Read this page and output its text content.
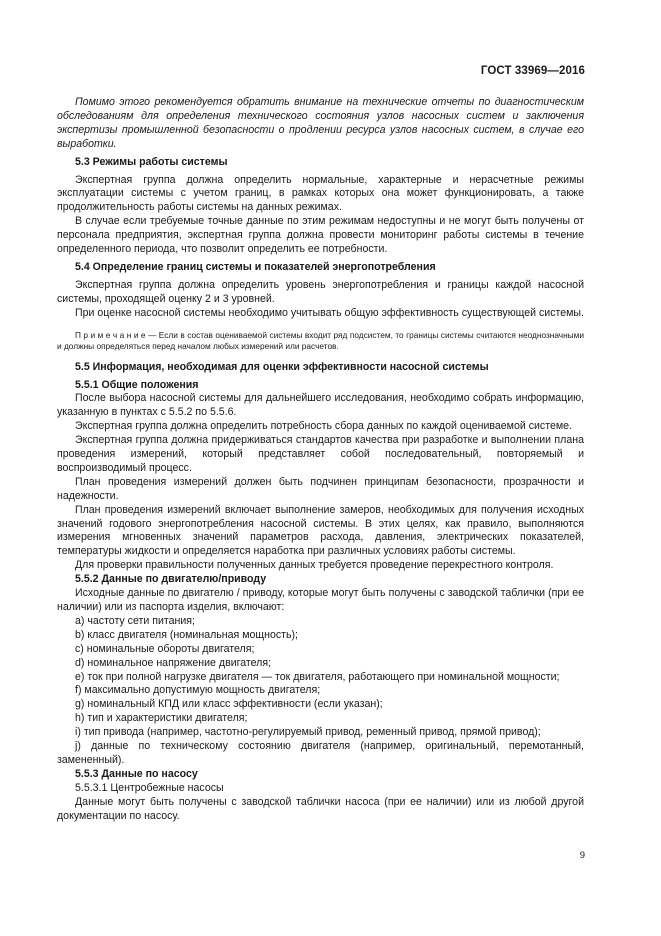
ГОСТ 33969—2016

Помимо этого рекомендуется обратить внимание на технические отчеты по диагностическим обследованиям для определения технического состояния узлов насосных систем и заключения экспертизы промышленной безопасности о продлении ресурса узлов насосных систем, в случае его выработки.

5.3 Режимы работы системы

Экспертная группа должна определить нормальные, характерные и нерасчетные режимы эксплуатации системы с учетом границ, в рамках которых она может функционировать, а также продолжительность работы системы на данных режимах.

В случае если требуемые точные данные по этим режимам недоступны и не могут быть получены от персонала предприятия, экспертная группа должна провести мониторинг работы системы в течение определенного периода, что позволит определить ее потребности.

5.4 Определение границ системы и показателей энергопотребления

Экспертная группа должна определить уровень энергопотребления и границы каждой насосной системы, проходящей оценку 2 и 3 уровней.

При оценке насосной системы необходимо учитывать общую эффективность существующей системы.

П р и м е ч а н и е — Если в состав оцениваемой системы входит ряд подсистем, то границы системы считаются неоднозначными и должны определяться перед началом любых измерений или расчетов.

5.5 Информация, необходимая для оценки эффективности насосной системы

5.5.1 Общие положения

После выбора насосной системы для дальнейшего исследования, необходимо собрать информацию, указанную в пунктах с 5.5.2 по 5.5.6.

Экспертная группа должна определить потребность сбора данных по каждой оцениваемой системе.

Экспертная группа должна придерживаться стандартов качества при разработке и выполнении плана проведения измерений, который представляет собой последовательный, повторяемый и воспроизводимый процесс.

План проведения измерений должен быть подчинен принципам безопасности, прозрачности и надежности.

План проведения измерений включает выполнение замеров, необходимых для получения исходных значений годового энергопотребления насосной системы. В этих целях, как правило, выполняются измерения мгновенных значений параметров расхода, давления, электрических показателей, температуры жидкости и определяется наработка при различных условиях работы системы.

Для проверки правильности полученных данных требуется проведение перекрестного контроля.

5.5.2 Данные по двигателю/приводу

Исходные данные по двигателю / приводу, которые могут быть получены с заводской таблички (при ее наличии) или из паспорта изделия, включают:

a) частоту сети питания;

b) класс двигателя (номинальная мощность);

c) номинальные обороты двигателя;

d) номинальное напряжение двигателя;

e) ток при полной нагрузке двигателя — ток двигателя, работающего при номинальной мощности;

f) максимально допустимую мощность двигателя;

g) номинальный КПД или класс эффективности (если указан);

h) тип и характеристики двигателя;

i) тип привода (например, частотно-регулируемый привод, ременный привод, прямой привод);

j) данные по техническому состоянию двигателя (например, оригинальный, перемотанный, замененный).

5.5.3 Данные по насосу

5.5.3.1 Центробежные насосы

Данные могут быть получены с заводской таблички насоса (при ее наличии) или из любой другой документации по насосу.

9
